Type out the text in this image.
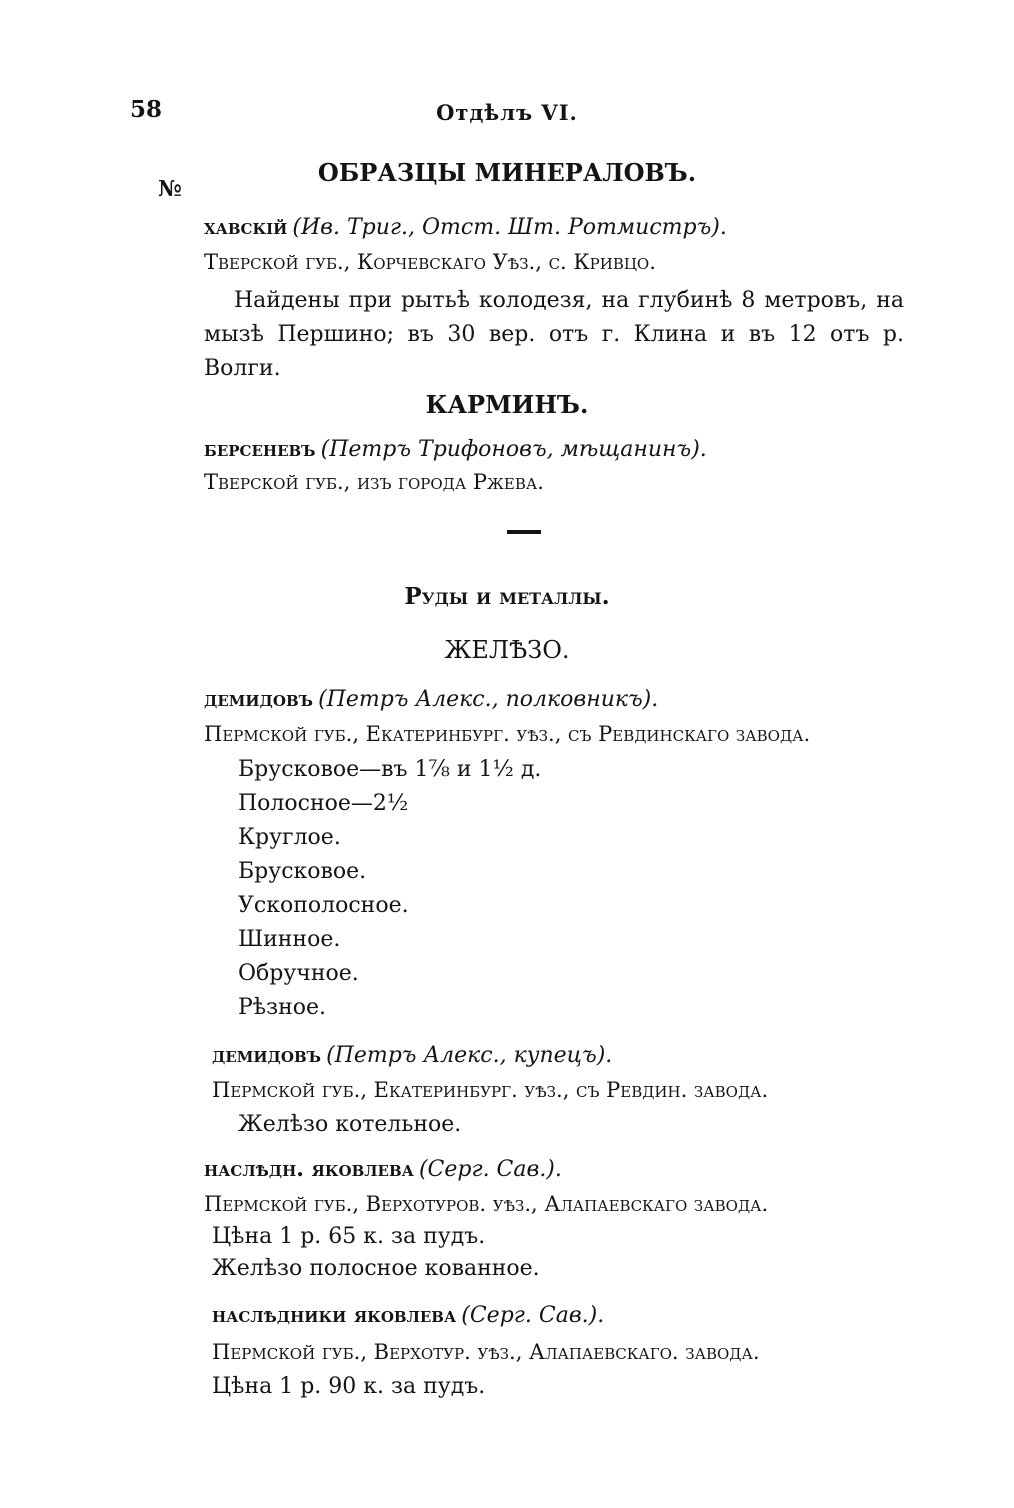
58	Отдѣлъ VI.
ОБРАЗЦЫ МИНЕРАЛОВЪ.
№
хавскій (Ив. Триг., Отст. Шт. Ротмистръ).
Тверской губ., Корчевскаго Уѣз., с. Кривцо.
Найдены при рытьѣ колодезя, на глубинѣ 8 метровъ, на мызѣ Першино; въ 30 вер. отъ г. Клина и въ 12 отъ р. Волги.
КАРМИНЪ.
берсеневъ (Петръ Трифоновъ, мѣщанинъ).
Тверской губ., изъ города Ржева.
Руды и металлы.
ЖЕЛѢЗО.
демидовъ (Петръ Алекс., полковникъ).
Пермской губ., Екатеринбург. уѣз., съ Ревдинскаго завода.
Брусковое—въ 1⅞ и 1½ д.
Полосное—2½
Круглое.
Брусковое.
Ускополосное.
Шинное.
Обручное.
Рѣзное.
демидовъ (Петръ Алекс., купецъ).
Пермской губ., Екатеринбург. уѣз., съ Ревдин. завода.
Желѣзо котельное.
наслѣдн. яковлева (Серг. Сав.).
Пермской губ., Верхотуров. уѣз., Алапаевскаго завода.
Цѣна 1 р. 65 к. за пудъ.
Желѣзо полосное кованное.
наслѣдники яковлева (Серг. Сав.).
Пермской губ., Верхотур. уѣз., Алапаевскаго. завода.
Цѣна 1 р. 90 к. за пудъ.
